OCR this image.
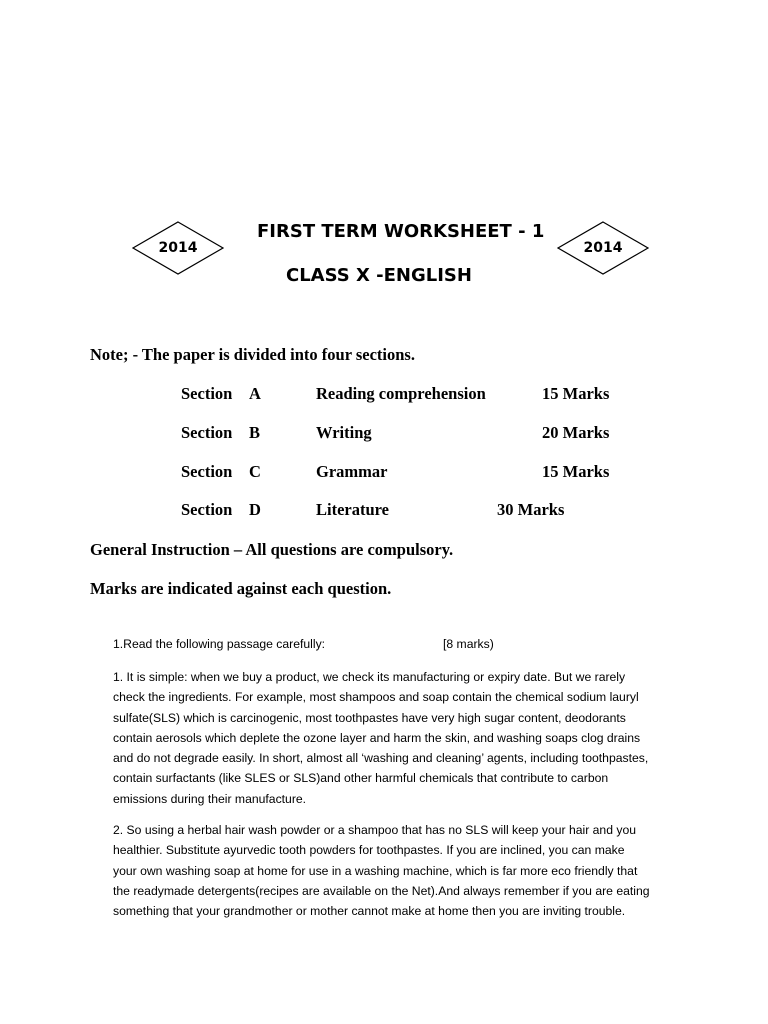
2014	2014
FIRST TERM WORKSHEET - 1
CLASS X -ENGLISH
Note; - The paper is divided into four sections.
Section A	Reading comprehension	15 Marks
Section B	Writing	20 Marks
Section C	Grammar	15 Marks
Section D	Literature	30 Marks
General Instruction – All questions are compulsory.
Marks are indicated against each question.
1.Read the following passage carefully:	[8 marks)
1. It is simple: when we buy a product, we check its manufacturing or expiry date. But we rarely
check the ingredients. For example, most shampoos and soap contain the chemical sodium lauryl
sulfate(SLS) which is carcinogenic, most toothpastes have very high sugar content, deodorants
contain aerosols which deplete the ozone layer and harm the skin, and washing soaps clog drains
and do not degrade easily. In short, almost all ‘washing and cleaning’ agents, including toothpastes,
contain surfactants (like SLES or SLS)and other harmful chemicals that contribute to carbon
emissions during their manufacture.
2. So using a herbal hair wash powder or a shampoo that has no SLS will keep your hair and you
healthier. Substitute ayurvedic tooth powders for toothpastes. If you are inclined, you can make
your own washing soap at home for use in a washing machine, which is far more eco friendly that
the readymade detergents(recipes are available on the Net).And always remember if you are eating
something that your grandmother or mother cannot make at home then you are inviting trouble.
